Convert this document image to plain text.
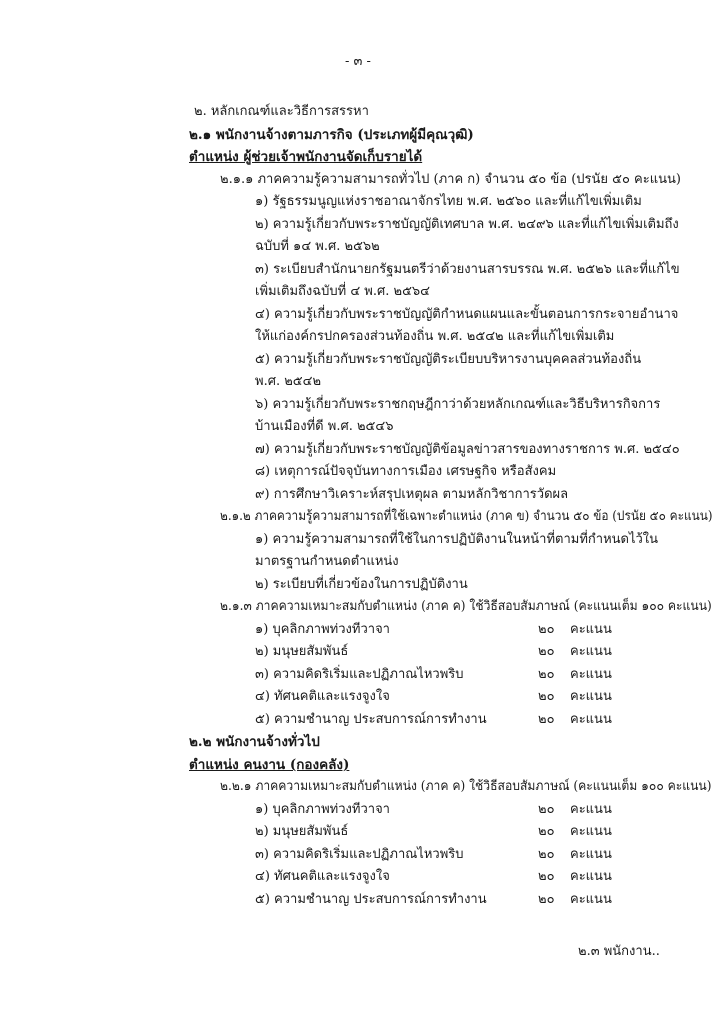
- ๓ -
๒. หลักเกณฑ์และวิธีการสรรหา
๒.๑ พนักงานจ้างตามภารกิจ (ประเภทผู้มีคุณวุฒิ)
ตำแหน่ง ผู้ช่วยเจ้าพนักงานจัดเก็บรายได้
๒.๑.๑ ภาคความรู้ความสามารถทั่วไป (ภาค ก) จำนวน ๕๐ ข้อ (ปรนัย ๕๐ คะแนน)
๑) รัฐธรรมนูญแห่งราชอาณาจักรไทย พ.ศ. ๒๕๖๐ และที่แก้ไขเพิ่มเติม
๒) ความรู้เกี่ยวกับพระราชบัญญัติเทศบาล พ.ศ. ๒๔๙๖ และที่แก้ไขเพิ่มเติมถึง
ฉบับที่ ๑๔ พ.ศ. ๒๕๖๒
๓) ระเบียบสำนักนายกรัฐมนตรีว่าด้วยงานสารบรรณ พ.ศ. ๒๕๒๖ และที่แก้ไข
เพิ่มเติมถึงฉบับที่ ๔ พ.ศ. ๒๕๖๔
๔) ความรู้เกี่ยวกับพระราชบัญญัติกำหนดแผนและขั้นตอนการกระจายอำนาจ
ให้แก่องค์กรปกครองส่วนท้องถิ่น พ.ศ. ๒๕๔๒ และที่แก้ไขเพิ่มเติม
๕) ความรู้เกี่ยวกับพระราชบัญญัติระเบียบบริหารงานบุคคลส่วนท้องถิ่น
พ.ศ. ๒๕๔๒
๖) ความรู้เกี่ยวกับพระราชกฤษฎีกาว่าด้วยหลักเกณฑ์และวิธีบริหารกิจการ
บ้านเมืองที่ดี พ.ศ. ๒๕๔๖
๗) ความรู้เกี่ยวกับพระราชบัญญัติข้อมูลข่าวสารของทางราชการ พ.ศ. ๒๕๔๐
๘) เหตุการณ์ปัจจุบันทางการเมือง เศรษฐกิจ หรือสังคม
๙) การศึกษาวิเคราะห์สรุปเหตุผล ตามหลักวิชาการวัดผล
๒.๑.๒ ภาคความรู้ความสามารถที่ใช้เฉพาะตำแหน่ง (ภาค ข) จำนวน ๕๐ ข้อ (ปรนัย ๕๐ คะแนน)
๑) ความรู้ความสามารถที่ใช้ในการปฏิบัติงานในหน้าที่ตามที่กำหนดไว้ใน
มาตรฐานกำหนดตำแหน่ง
๒) ระเบียบที่เกี่ยวข้องในการปฏิบัติงาน
๒.๑.๓ ภาคความเหมาะสมกับตำแหน่ง (ภาค ค) ใช้วิธีสอบสัมภาษณ์ (คะแนนเต็ม ๑๐๐ คะแนน)
๑) บุคลิกภาพท่วงทีวาจา	๒๐ คะแนน
๒) มนุษยสัมพันธ์	๒๐ คะแนน
๓) ความคิดริเริ่มและปฏิภาณไหวพริบ	๒๐ คะแนน
๔) ทัศนคติและแรงจูงใจ	๒๐ คะแนน
๕) ความชำนาญ ประสบการณ์การทำงาน	๒๐ คะแนน
๒.๒ พนักงานจ้างทั่วไป
ตำแหน่ง คนงาน (กองคลัง)
๒.๒.๑ ภาคความเหมาะสมกับตำแหน่ง (ภาค ค) ใช้วิธีสอบสัมภาษณ์ (คะแนนเต็ม ๑๐๐ คะแนน)
๑) บุคลิกภาพท่วงทีวาจา	๒๐ คะแนน
๒) มนุษยสัมพันธ์	๒๐ คะแนน
๓) ความคิดริเริ่มและปฏิภาณไหวพริบ	๒๐ คะแนน
๔) ทัศนคติและแรงจูงใจ	๒๐ คะแนน
๕) ความชำนาญ ประสบการณ์การทำงาน	๒๐ คะแนน
๒.๓ พนักงาน..
